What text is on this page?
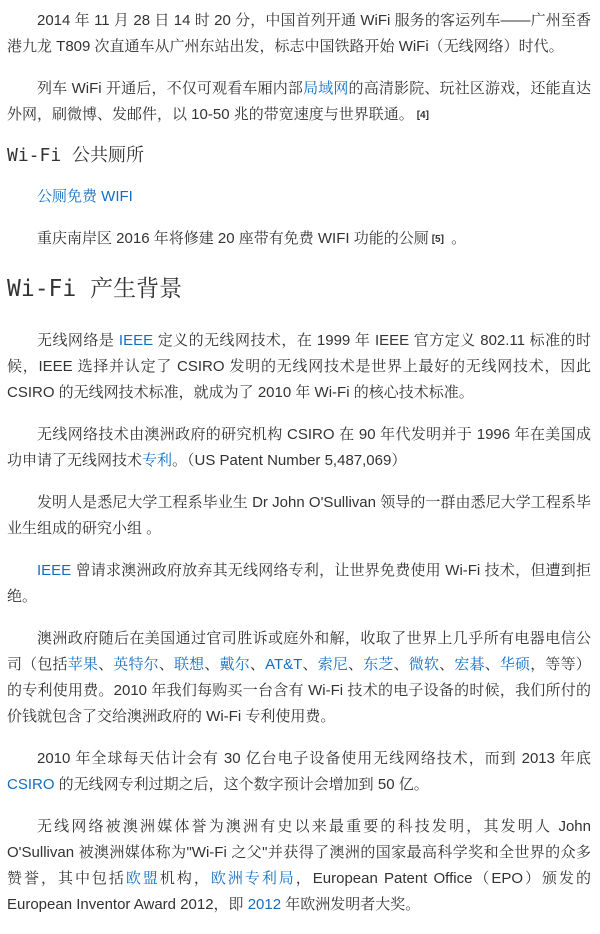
2014 年 11 月 28 日 14 时 20 分，中国首列开通 WiFi 服务的客运列车——广州至香港九龙 T809 次直通车从广州东站出发，标志中国铁路开始 WiFi（无线网络）时代。

列车 WiFi 开通后，不仅可观看车厢内部局域网的高清影院、玩社区游戏，还能直达外网，刷微博、发邮件，以 10-50 兆的带宽速度与世界联通。 [4]

Wi-Fi 公共厕所

公厕免费 WIFI

重庆南岸区 2016 年将修建 20 座带有免费 WIFI 功能的公厕 [5] 。

Wi-Fi 产生背景

无线网络是 IEEE 定义的无线网技术，在 1999 年 IEEE 官方定义 802.11 标准的时候，IEEE 选择并认定了 CSIRO 发明的无线网技术是世界上最好的无线网技术，因此 CSIRO 的无线网技术标准，就成为了 2010 年 Wi-Fi 的核心技术标准。

无线网络技术由澳洲政府的研究机构 CSIRO 在 90 年代发明并于 1996 年在美国成功申请了无线网技术专利。（US Patent Number 5,487,069）

发明人是悉尼大学工程系毕业生 Dr John O'Sullivan 领导的一群由悉尼大学工程系毕业生组成的研究小组 。

IEEE 曾请求澳洲政府放弃其无线网络专利，让世界免费使用 Wi-Fi 技术，但遭到拒绝。

澳洲政府随后在美国通过官司胜诉或庭外和解，收取了世界上几乎所有电器电信公司（包括苹果、英特尔、联想、戴尔、AT&T、索尼、东芝、微软、宏碁、华硕，等等）的专利使用费。2010 年我们每购买一台含有 Wi-Fi 技术的电子设备的时候，我们所付的价钱就包含了交给澳洲政府的 Wi-Fi 专利使用费。

2010 年全球每天估计会有 30 亿台电子设备使用无线网络技术，而到 2013 年底 CSIRO 的无线网专利过期之后，这个数字预计会增加到 50 亿。

无线网络被澳洲媒体誉为澳洲有史以来最重要的科技发明，其发明人 John O'Sullivan 被澳洲媒体称为"Wi-Fi 之父"并获得了澳洲的国家最高科学奖和全世界的众多赞誉，其中包括欧盟机构，欧洲专利局，European Patent Office（EPO）颁发的 European Inventor Award 2012，即 2012 年欧洲发明者大奖。
